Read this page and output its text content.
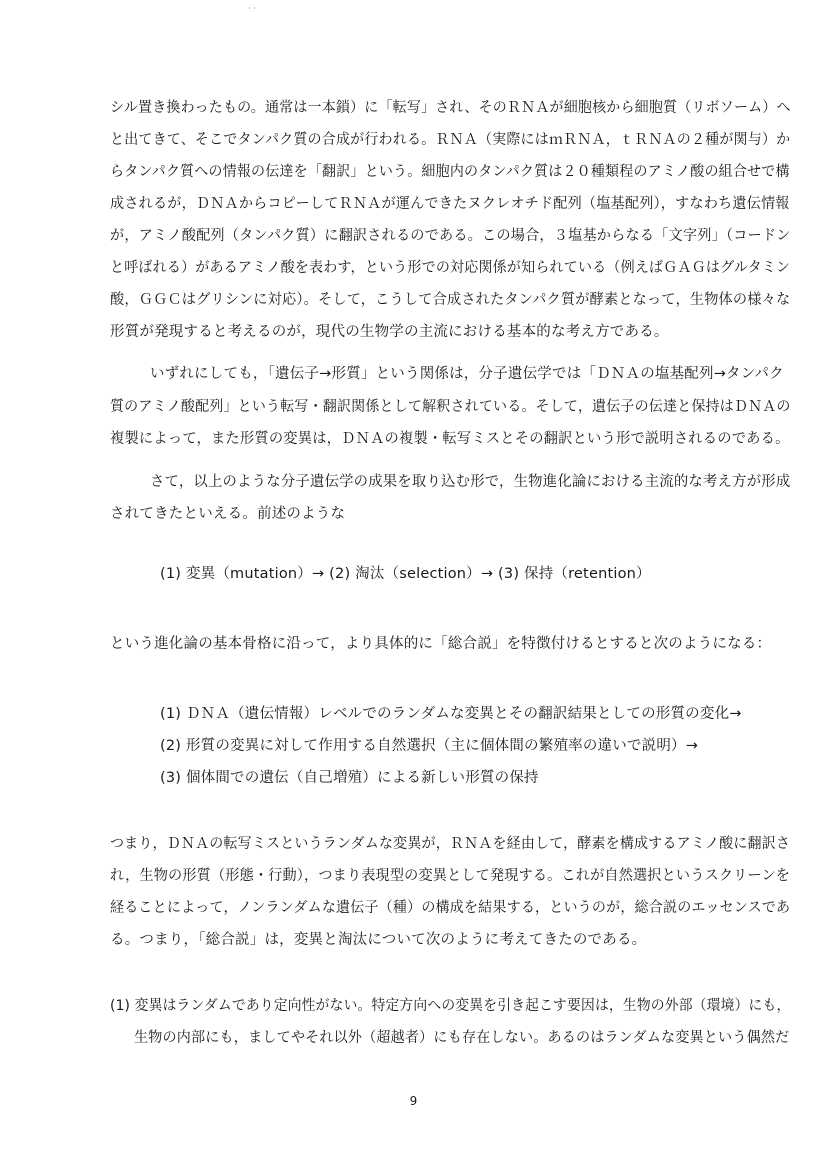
· ·
シル置き換わったもの。通常は一本鎖）に「転写」され、そのＲＮＡが細胞核から細胞質（リボソーム）へ
と出てきて、そこでタンパク質の合成が行われる。ＲＮＡ（実際にはｍＲＮＡ，ｔＲＮＡの２種が関与）か
らタンパク質への情報の伝達を「翻訳」という。細胞内のタンパク質は２０種類程のアミノ酸の組合せで構
成されるが，ＤＮＡからコピーしてＲＮＡが運んできたヌクレオチド配列（塩基配列），すなわち遺伝情報
が，アミノ酸配列（タンパク質）に翻訳されるのである。この場合，３塩基からなる「文字列」（コードン
と呼ばれる）があるアミノ酸を表わす，という形での対応関係が知られている（例えばＧＡＧはグルタミン
酸，ＧＧＣはグリシンに対応）。そして，こうして合成されたタンパク質が酵素となって，生物体の様々な
形質が発現すると考えるのが，現代の生物学の主流における基本的な考え方である。
いずれにしても，「遺伝子→形質」という関係は，分子遺伝学では「ＤＮＡの塩基配列→タンパク
質のアミノ酸配列」という転写・翻訳関係として解釈されている。そして，遺伝子の伝達と保持はＤＮＡの
複製によって，また形質の変異は，ＤＮＡの複製・転写ミスとその翻訳という形で説明されるのである。
さて，以上のような分子遺伝学の成果を取り込む形で，生物進化論における主流的な考え方が形成
されてきたといえる。前述のような
(1) 変異（mutation）→ (2) 淘汰（selection）→ (3) 保持（retention）
という進化論の基本骨格に沿って，より具体的に「総合説」を特徴付けるとすると次のようになる：
(1) ＤＮＡ（遺伝情報）レベルでのランダムな変異とその翻訳結果としての形質の変化→
(2) 形質の変異に対して作用する自然選択（主に個体間の繁殖率の違いで説明）→
(3) 個体間での遺伝（自己増殖）による新しい形質の保持
つまり，ＤＮＡの転写ミスというランダムな変異が，ＲＮＡを経由して，酵素を構成するアミノ酸に翻訳さ
れ，生物の形質（形態・行動），つまり表現型の変異として発現する。これが自然選択というスクリーンを
経ることによって，ノンランダムな遺伝子（種）の構成を結果する，というのが，総合説のエッセンスであ
る。つまり，「総合説」は，変異と淘汰について次のように考えてきたのである。
(1) 変異はランダムであり定向性がない。特定方向への変異を引き起こす要因は，生物の外部（環境）にも，
生物の内部にも，ましてやそれ以外（超越者）にも存在しない。あるのはランダムな変異という偶然だ
9
